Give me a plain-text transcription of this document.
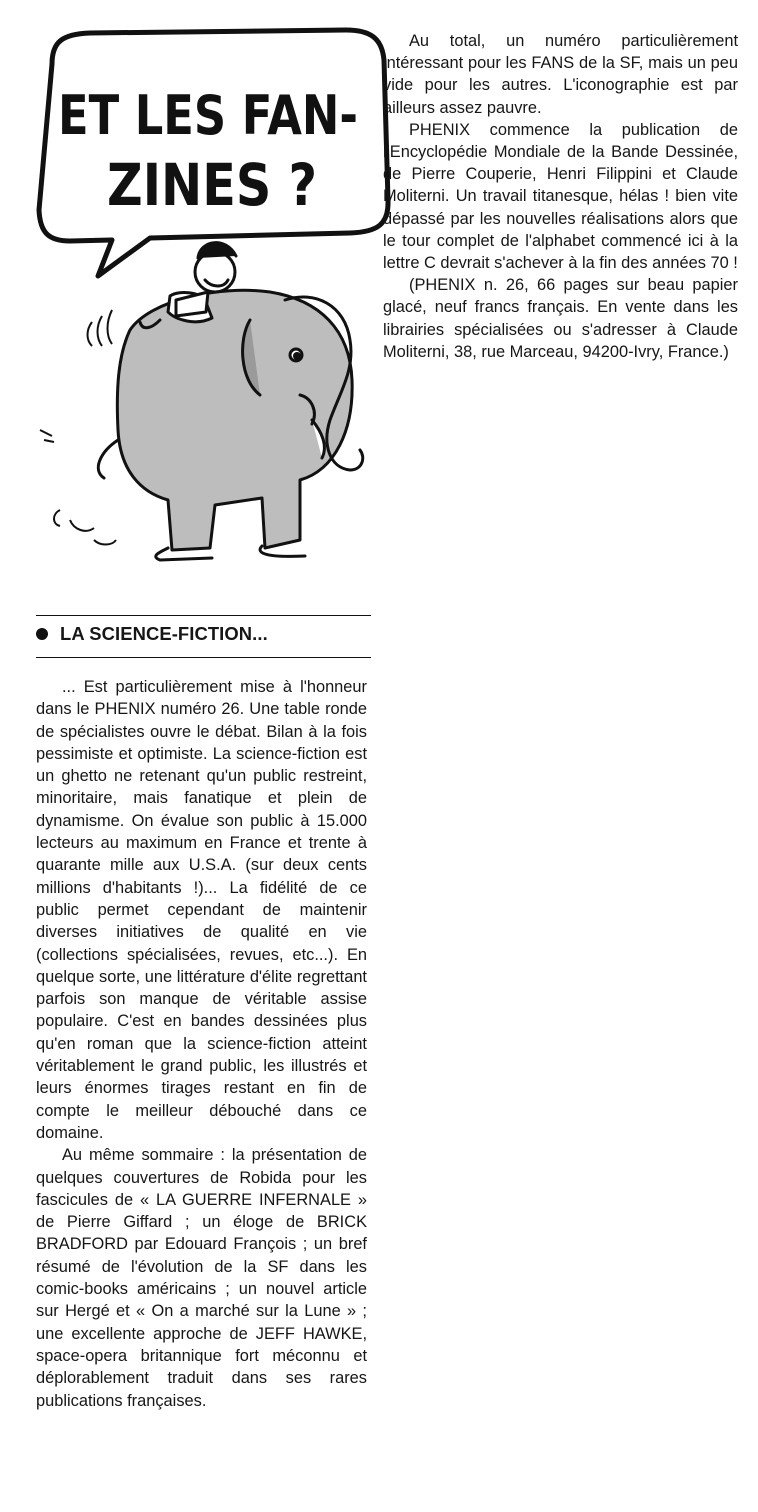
ET LES FAN-
ZINES ?

Au total, un numéro particulièrement intéressant pour les FANS de la SF, mais un peu vide pour les autres. L'iconographie est par ailleurs assez pauvre.

PHENIX commence la publication de l'Encyclopédie Mondiale de la Bande Dessinée, de Pierre Couperie, Henri Filippini et Claude Moliterni. Un travail titanesque, hélas ! bien vite dépassé par les nouvelles réalisations alors que le tour complet de l'alphabet commencé ici à la lettre C devrait s'achever à la fin des années 70 !

(PHENIX n. 26, 66 pages sur beau papier glacé, neuf francs français. En vente dans les librairies spécialisées ou s'adresser à Claude Moliterni, 38, rue Marceau, 94200-Ivry, France.)

LA SCIENCE-FICTION...

... Est particulièrement mise à l'honneur dans le PHENIX numéro 26. Une table ronde de spécialistes ouvre le débat. Bilan à la fois pessimiste et optimiste. La science-fiction est un ghetto ne retenant qu'un public restreint, minoritaire, mais fanatique et plein de dynamisme. On évalue son public à 15.000 lecteurs au maximum en France et trente à quarante mille aux U.S.A. (sur deux cents millions d'habitants !)... La fidélité de ce public permet cependant de maintenir diverses initiatives de qualité en vie (collections spécialisées, revues, etc...). En quelque sorte, une littérature d'élite regrettant parfois son manque de véritable assise populaire. C'est en bandes dessinées plus qu'en roman que la science-fiction atteint véritablement le grand public, les illustrés et leurs énormes tirages restant en fin de compte le meilleur débouché dans ce domaine.

Au même sommaire : la présentation de quelques couvertures de Robida pour les fascicules de « LA GUERRE INFERNALE » de Pierre Giffard ; un éloge de BRICK BRADFORD par Edouard François ; un bref résumé de l'évolution de la SF dans les comic-books américains ; un nouvel article sur Hergé et « On a marché sur la Lune » ; une excellente approche de JEFF HAWKE, space-opera britannique fort méconnu et déplorablement traduit dans ses rares publications françaises.
